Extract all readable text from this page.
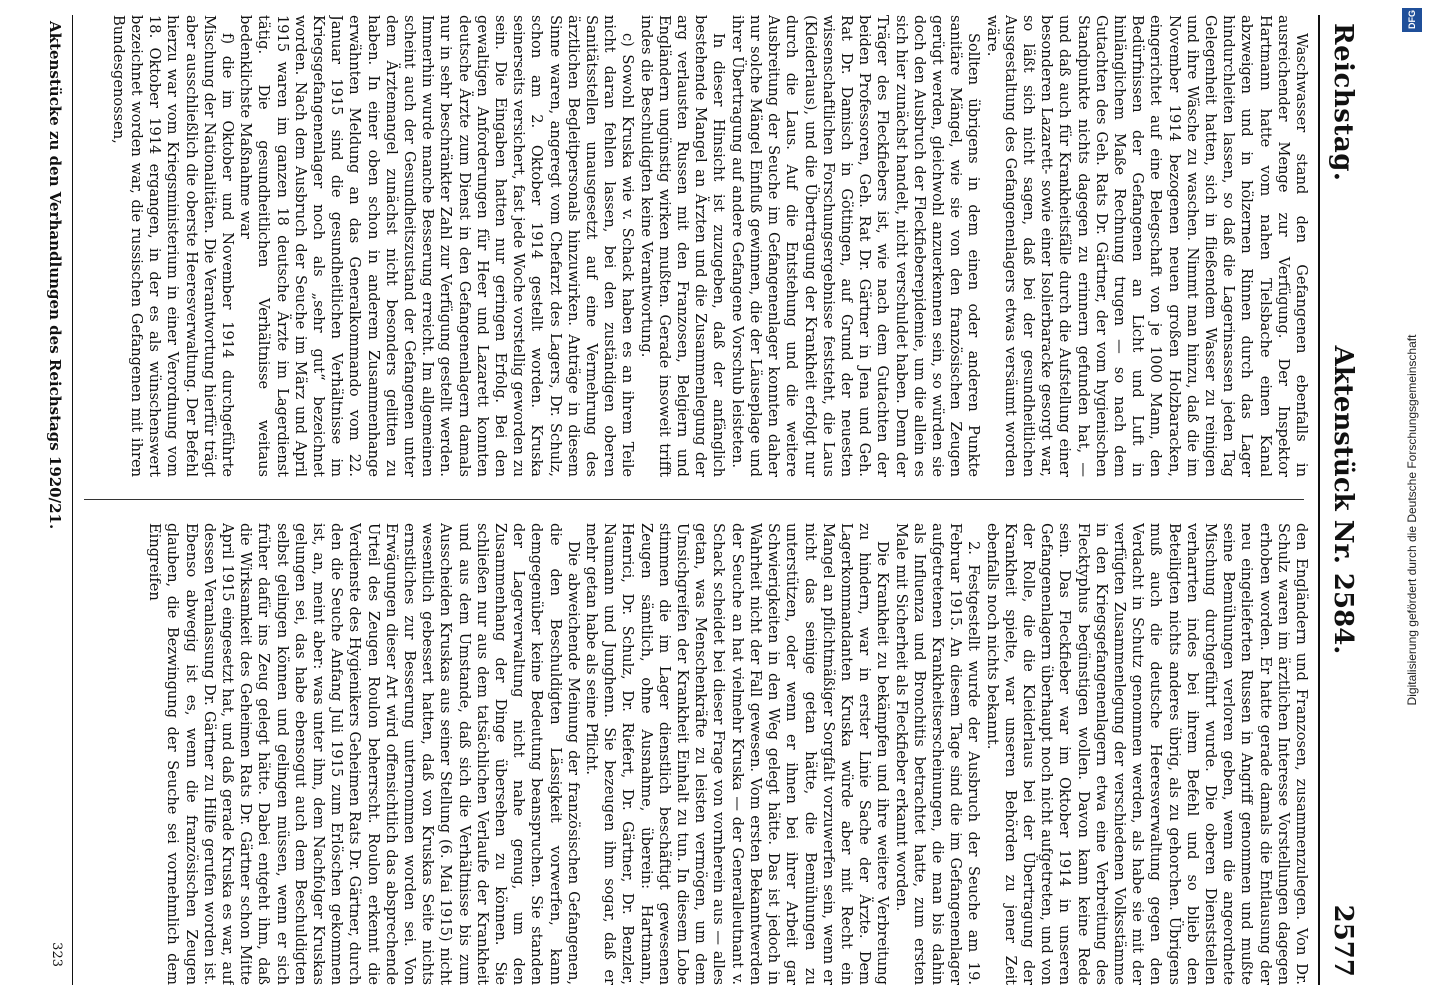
Reichstag.
Aktenstück Nr. 2584.
2577

Waschwasser stand den Gefangenen ebenfalls in ausreichender Menge zur Verfügung. Der Inspektor Hartmann hatte vom nahen Tielsbache einen Kanal abzweigen und in hölzernen Rinnen durch das Lager hindurchleiten lassen, so daß die Lagerinsassen jeden Tag Gelegenheit hatten, sich in fließendem Wasser zu reinigen und ihre Wäsche zu waschen. Nimmt man hinzu, daß die im November 1914 bezogenen neuen großen Holzbaracken, eingerichtet auf eine Belegschaft von je 1000 Mann, den Bedürfnissen der Gefangenen an Licht und Luft in hinlänglichem Maße Rechnung trugen — so nach dem Gutachten des Geh. Rats Dr. Gärtner, der vom hygienischen Standpunkte nichts dagegen zu erinnern gefunden hat, — und daß auch für Krankheitsfälle durch die Aufstellung einer besonderen Lazarett- sowie einer Isolierbaracke gesorgt war, so läßt sich nicht sagen, daß bei der gesundheitlichen Ausgestaltung des Gefangenenlagers etwas versäumt worden wäre.

Sollten übrigens in dem einen oder anderen Punkte sanitäre Mängel, wie sie von den französischen Zeugen gerügt werden, gleichwohl anzuerkennen sein, so würden sie doch den Ausbruch der Fleckfieberepidemie, um die allein es sich hier zunächst handelt, nicht verschuldet haben. Denn der Träger des Fleckfiebers ist, wie nach dem Gutachten der beiden Professoren, Geh. Rat Dr. Gärtner in Jena und Geh. Rat Dr. Damisch in Göttingen, auf Grund der neuesten wissenschaftlichen Forschungsergebnisse feststeht, die Laus (Kleiderlaus), und die Übertragung der Krankheit erfolgt nur durch die Laus. Auf die Entstehung und die weitere Ausbreitung der Seuche im Gefangenenlager konnten daher nur solche Mängel Einfluß gewinnen, die der Läuseplage und ihrer Übertragung auf andere Gefangene Vorschub leisteten.

In dieser Hinsicht ist zuzugeben, daß der anfänglich bestehende Mangel an Ärzten und die Zusammenlegung der arg verlausten Russen mit den Franzosen, Belgiern und Engländern ungünstig wirken mußten. Gerade insoweit trifft indes die Beschuldigten keine Verantwortung.

c) Sowohl Kruska wie v. Schack haben es an ihrem Teile nicht daran fehlen lassen, bei den zuständigen oberen Sanitätsstellen unausgesetzt auf eine Vermehrung des ärztlichen Begleitpersonals hinzuwirken. Anträge in diesem Sinne waren, angeregt vom Chefarzt des Lagers, Dr. Schulz, schon am 2. Oktober 1914 gestellt worden. Kruska seinerseits versichert, fast jede Woche vorstellig geworden zu sein. Die Eingaben hatten nur geringen Erfolg. Bei den gewaltigen Anforderungen für Heer und Lazarett konnten deutsche Ärzte zum Dienst in den Gefangenenlagern damals nur in sehr beschränkter Zahl zur Verfügung gestellt werden. Immerhin wurde manche Besserung erreicht. Im allgemeinen scheint auch der Gesundheitszustand der Gefangenen unter dem Ärztemangel zunächst nicht besonders gelitten zu haben. In einer oben schon in anderem Zusammenhange erwähnten Meldung an das Generalkommando vom 22. Januar 1915 sind die gesundheitlichen Verhältnisse im Kriegsgefangenenlager noch als „sehr gut“ bezeichnet worden. Nach dem Ausbruch der Seuche im März und April 1915 waren im ganzen 18 deutsche Ärzte im Lagerdienst tätig. Die gesundheitlichen Verhältnisse weitaus bedenklichste Maßnahme war

f) die im Oktober und November 1914 durchgeführte Mischung der Nationalitäten. Die Verantwortung hierfür trägt aber ausschließlich die oberste Heeresverwaltung. Der Befehl hierzu war vom Kriegsministerium in einer Verordnung vom 18. Oktober 1914 ergangen, in der es als wünschenswert bezeichnet worden war, die russischen Gefangenen mit ihren Bundesgenossen,

den Engländern und Franzosen, zusammenzulegen. Von Dr. Schulz waren im ärztlichen Interesse Vorstellungen dagegen erhoben worden. Er hatte gerade damals die Entlausung der neu eingelieferten Russen in Angriff genommen und mußte seine Bemühungen verloren geben, wenn die angeordnete Mischung durchgeführt wurde. Die oberen Dienststellen verharrten indes bei ihrem Befehl und so blieb den Beteiligten nichts anderes übrig, als zu gehorchen. Übrigens muß auch die deutsche Heeresverwaltung gegen den Verdacht in Schutz genommen werden, als habe sie mit der verfügten Zusammenlegung der verschiedenen Volksstämme in den Kriegsgefangenenlagern etwa eine Verbreitung des Flecktyphus begünstigen wollen. Davon kann keine Rede sein. Das Fleckfieber war im Oktober 1914 in unseren Gefangenenlagern überhaupt noch nicht aufgetreten, und von der Rolle, die die Kleiderlaus bei der Übertragung der Krankheit spielte, war unseren Behörden zu jener Zeit ebenfalls noch nichts bekannt.

2. Festgestellt wurde der Ausbruch der Seuche am 19. Februar 1915. An diesem Tage sind die im Gefangenenlager aufgetretenen Krankheitserscheinungen, die man bis dahin als Influenza und Bronchitis betrachtet hatte, zum ersten Male mit Sicherheit als Fleckfieber erkannt worden.

Die Krankheit zu bekämpfen und ihre weitere Verbreitung zu hindern, war in erster Linie Sache der Ärzte. Dem Lagerkommandanten Kruska würde aber mit Recht ein Mangel an pflichtmäßiger Sorgfalt vorzuwerfen sein, wenn er nicht das seinige getan hätte, die Bemühungen zu unterstützen, oder wenn er ihnen bei ihrer Arbeit gar Schwierigkeiten in den Weg gelegt hätte. Das ist jedoch in Wahrheit nicht der Fall gewesen. Vom ersten Bekanntwerden der Seuche an hat vielmehr Kruska — der Generalleutnant v. Schack scheidet bei dieser Frage von vornherein aus — alles getan, was Menschenkräfte zu leisten vermögen, um dem Umsichgreifen der Krankheit Einhalt zu tun. In diesem Lobe stimmen die im Lager dienstlich beschäftigt gewesenen Zeugen sämtlich, ohne Ausnahme, überein: Hartmann, Henrici, Dr. Schulz, Dr. Riefert, Dr. Gärtner, Dr. Benzler, Naumann und Junghenn. Sie bezeugen ihm sogar, daß er mehr getan habe als seine Pflicht.

Die abweichende Meinung der französischen Gefangenen, die den Beschuldigten Lässigkeit vorwerfen, kann demgegenüber keine Bedeutung beanspruchen. Sie standen der Lagerverwaltung nicht nahe genug, um den Zusammenhang der Dinge übersehen zu können. Sie schließen nur aus dem tatsächlichen Verlaufe der Krankheit und aus dem Umstande, daß sich die Verhältnisse bis zum Ausscheiden Kruskas aus seiner Stellung (6. Mai 1915) nicht wesentlich gebessert hatten, daß von Kruskas Seite nichts ernstliches zur Besserung unternommen worden sei. Von Erwägungen dieser Art wird offensichtlich das absprechende Urteil des Zeugen Roulon beherrscht. Roulon erkennt die Verdienste des Hygienikers Geheimen Rats Dr. Gärtner, durch den die Seuche Anfang Juli 1915 zum Erlöschen gekommen ist, an, meint aber: was unter ihm, dem Nachfolger Kruskas gelungen sei, das habe ebensogut auch dem Beschuldigten selbst gelingen können und gelingen müssen, wenn er sich früher dafür ins Zeug gelegt hätte. Dabei entgeht ihm, daß die Wirksamkeit des Geheimen Rats Dr. Gärtner schon Mitte April 1915 eingesetzt hat, und daß gerade Kruska es war, auf dessen Veranlassung Dr. Gärtner zu Hilfe gerufen worden ist. Ebenso abwegig ist es, wenn die französischen Zeugen glauben, die Bezwingung der Seuche sei vornehmlich dem Eingreifen

Aktenstücke zu den Verhandlungen des Reichstags 1920/21.
323
DFG
Digitalisierung gefördert durch die Deutsche Forschungsgemeinschaft
